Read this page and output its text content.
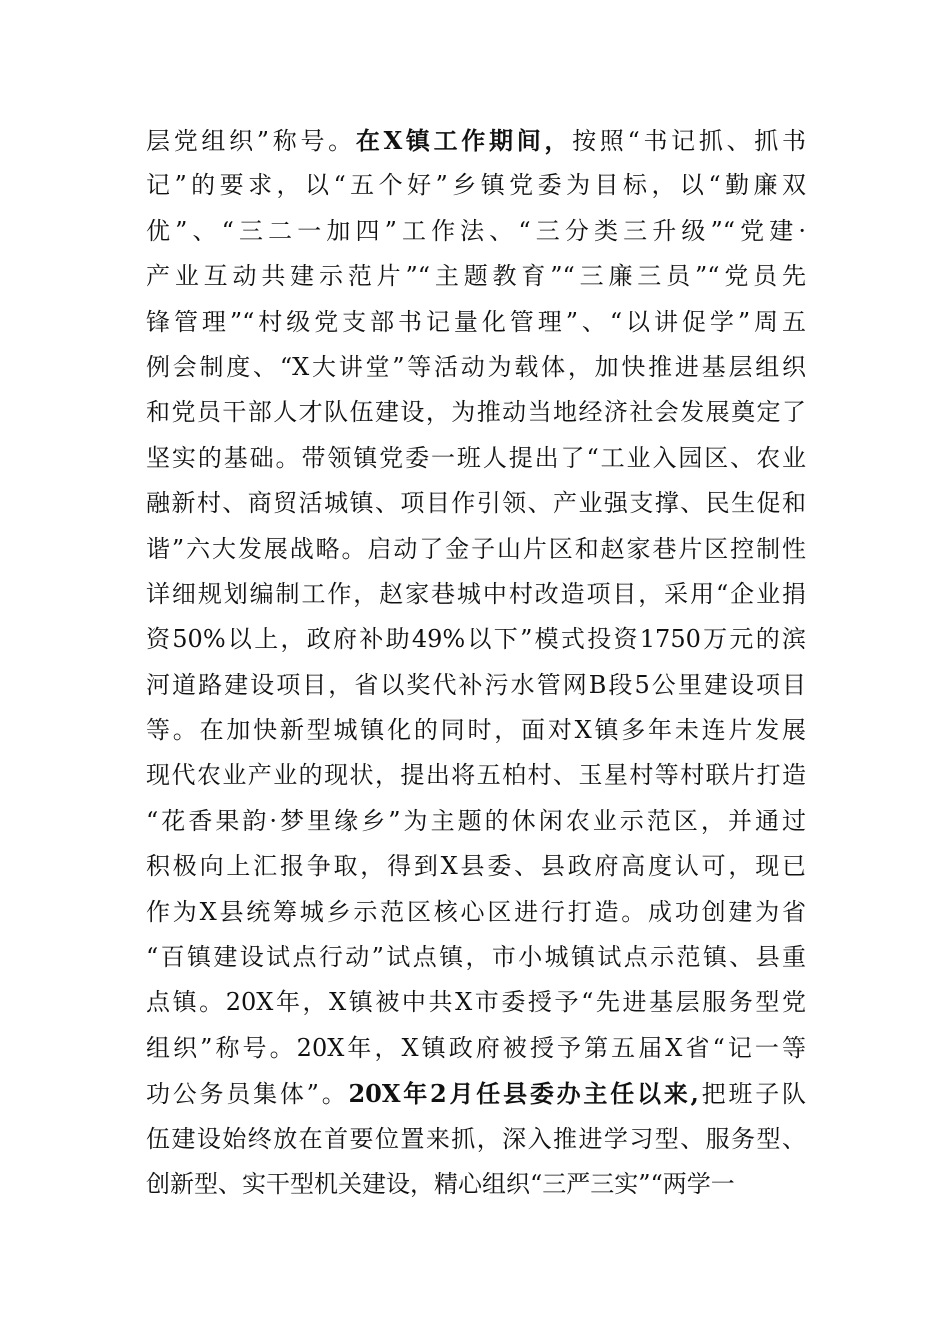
层党组织”称号。在X镇工作期间，按照“书记抓、抓书
记”的要求，以“五个好”乡镇党委为目标，以“勤廉双
优”、“三二一加四”工作法、“三分类三升级”“党建·
产业互动共建示范片”“主题教育”“三廉三员”“党员先
锋管理”“村级党支部书记量化管理”、“以讲促学”周五
例会制度、“X大讲堂”等活动为载体，加快推进基层组织
和党员干部人才队伍建设，为推动当地经济社会发展奠定了
坚实的基础。带领镇党委一班人提出了“工业入园区、农业
融新村、商贸活城镇、项目作引领、产业强支撑、民生促和
谐”六大发展战略。启动了金子山片区和赵家巷片区控制性
详细规划编制工作，赵家巷城中村改造项目，采用“企业捐
资50%以上，政府补助49%以下”模式投资1750万元的滨
河道路建设项目，省以奖代补污水管网B段5公里建设项目
等。在加快新型城镇化的同时，面对X镇多年未连片发展
现代农业产业的现状，提出将五柏村、玉星村等村联片打造
“花香果韵·梦里缘乡”为主题的休闲农业示范区，并通过
积极向上汇报争取，得到X县委、县政府高度认可，现已
作为X县统筹城乡示范区核心区进行打造。成功创建为省
“百镇建设试点行动”试点镇，市小城镇试点示范镇、县重
点镇。20X年，X镇被中共X市委授予“先进基层服务型党
组织”称号。20X年，X镇政府被授予第五届X省“记一等
功公务员集体”。20X年2月任县委办主任以来,把班子队
伍建设始终放在首要位置来抓，深入推进学习型、服务型、
创新型、实干型机关建设，精心组织“三严三实”“两学一
